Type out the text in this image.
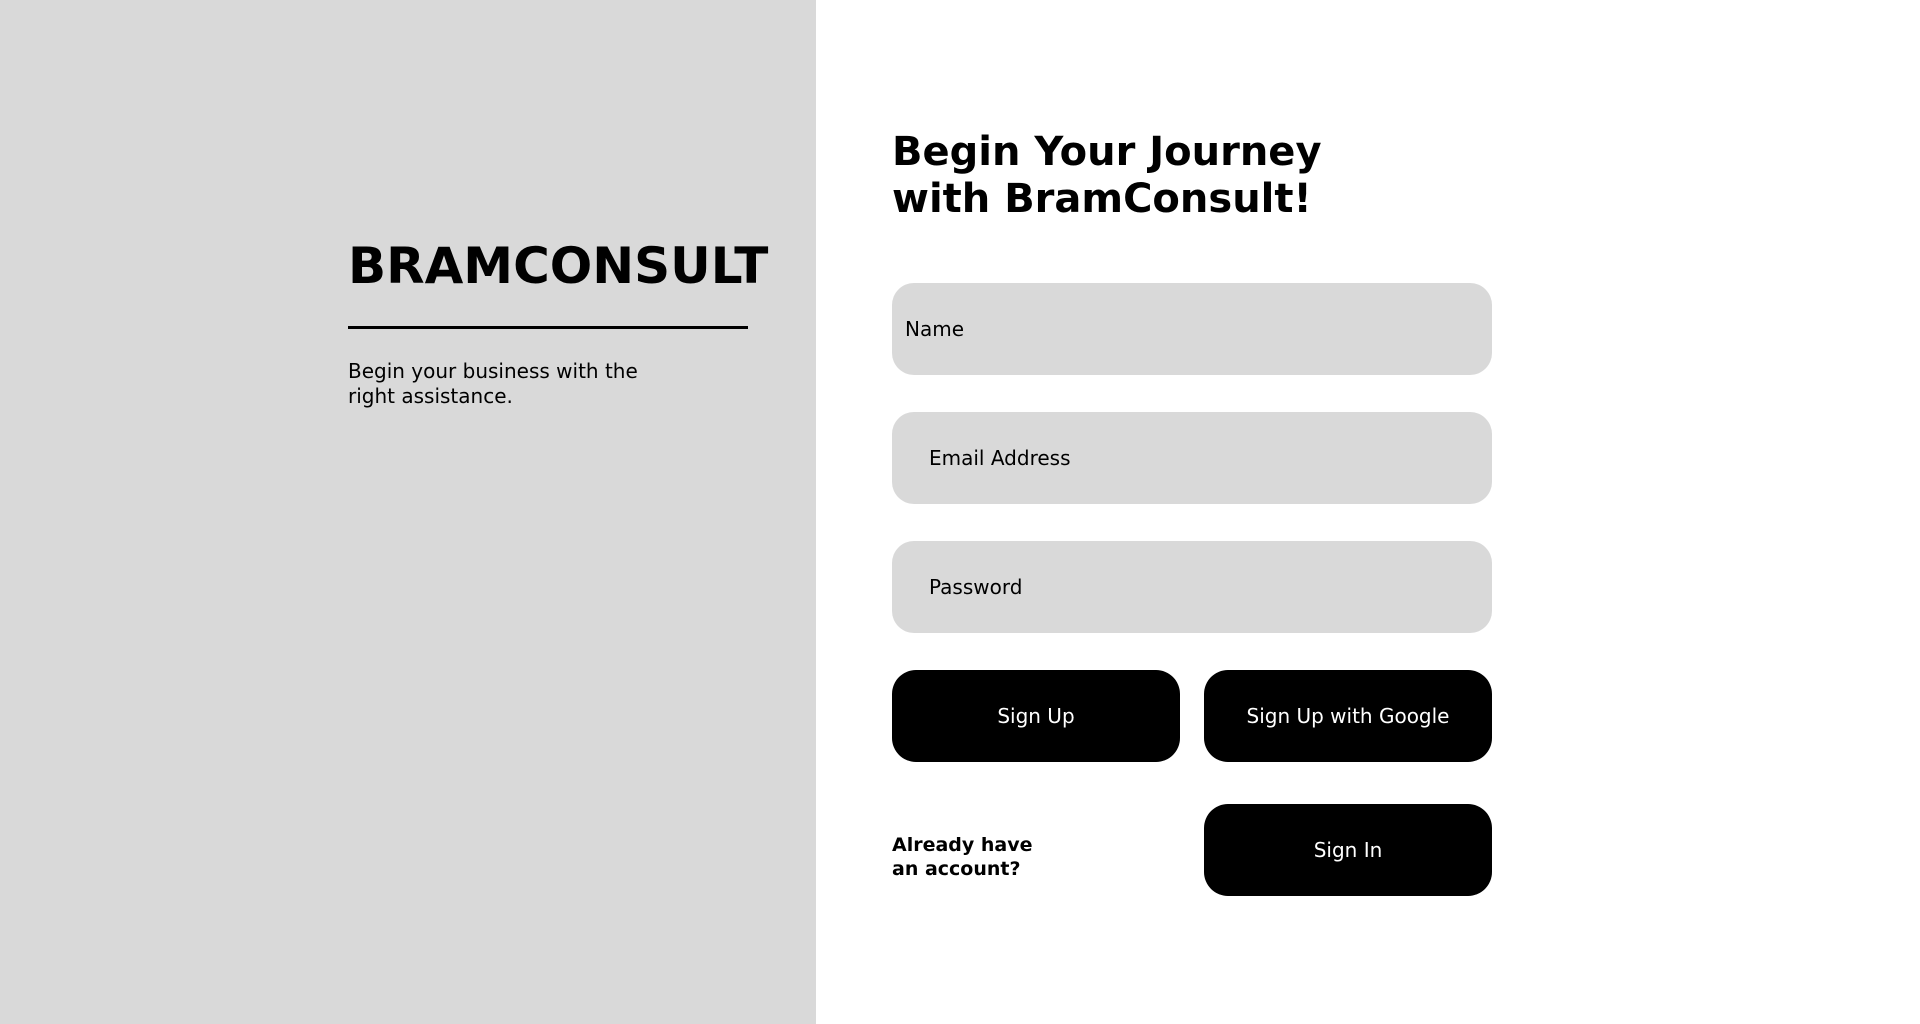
BRAMCONSULT

Begin your business with the right assistance.

Begin Your Journey with BramConsult!
Name
Email Address
Sign Up	Sign Up with Google

Already have an account?

Sign In
